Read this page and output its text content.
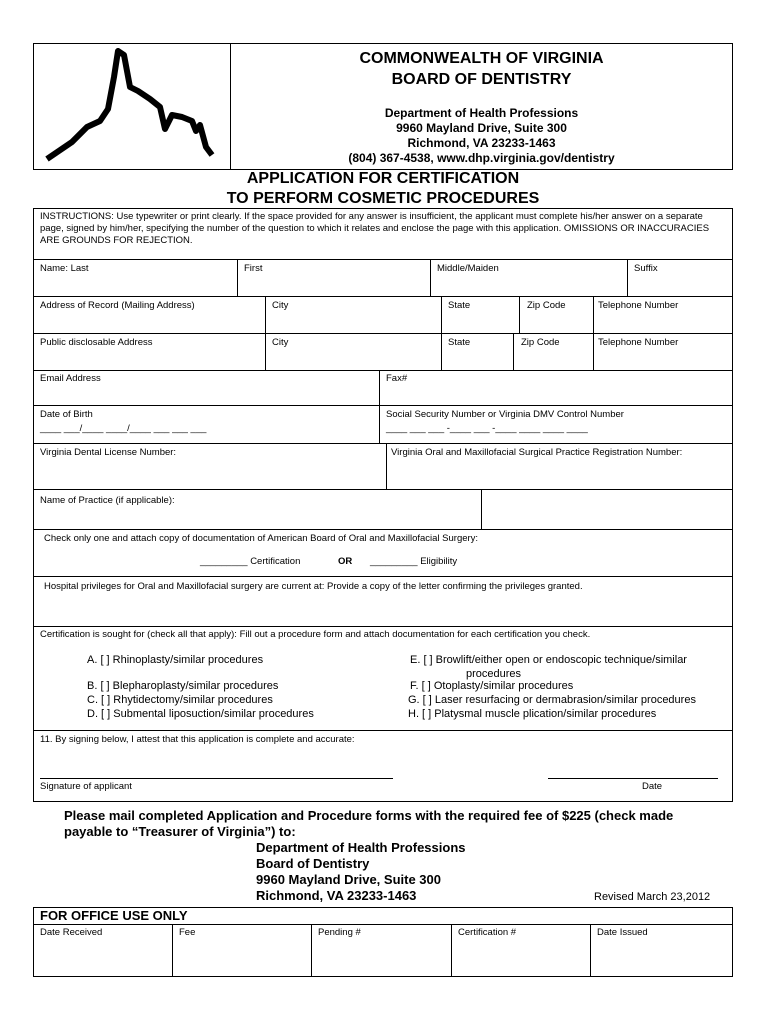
COMMONWEALTH OF VIRGINIA
BOARD OF DENTISTRY
Department of Health Professions
9960 Mayland Drive, Suite 300
Richmond, VA 23233-1463
(804) 367-4538, www.dhp.virginia.gov/dentistry
APPLICATION FOR CERTIFICATION
TO PERFORM COSMETIC PROCEDURES
INSTRUCTIONS: Use typewriter or print clearly. If the space provided for any answer is insufficient, the applicant must complete his/her answer on a separate page, signed by him/her, specifying the number of the question to which it relates and enclose the page with this application. OMISSIONS OR INACCURACIES ARE GROUNDS FOR REJECTION.
Name: Last	First	Middle/Maiden	Suffix
Address of Record (Mailing Address)	City	State	Zip Code	Telephone Number
Public disclosable Address	City	State	Zip Code	Telephone Number
Email Address	Fax#
Date of Birth
____ ___/____ ____/____ ___ ___ ___
Social Security Number or Virginia DMV Control Number
____ ___ ___ -____ ___ -____ ____ ____ ____
Virginia Dental License Number:	Virginia Oral and Maxillofacial Surgical Practice Registration Number:
Name of Practice (if applicable):
Check only one and attach copy of documentation of American Board of Oral and Maxillofacial Surgery:
_________ Certification	OR _________ Eligibility
Hospital privileges for Oral and Maxillofacial surgery are current at: Provide a copy of the letter confirming the privileges granted.
Certification is sought for (check all that apply): Fill out a procedure form and attach documentation for each certification you check.
A. [ ] Rhinoplasty/similar procedures
B. [ ] Blepharoplasty/similar procedures
C. [ ] Rhytidectomy/similar procedures
D. [ ] Submental liposuction/similar procedures
E. [ ] Browlift/either open or endoscopic technique/similar
procedures
F. [ ] Otoplasty/similar procedures
G. [ ] Laser resurfacing or dermabrasion/similar procedures
H. [ ] Platysmal muscle plication/similar procedures
11. By signing below, I attest that this application is complete and accurate:
Signature of applicant	Date
Please mail completed Application and Procedure forms with the required fee of $225 (check made
payable to “Treasurer of Virginia”) to:
Department of Health Professions
Board of Dentistry
9960 Mayland Drive, Suite 300
Richmond, VA 23233-1463	Revised March 23,2012
FOR OFFICE USE ONLY
Date Received	Fee	Pending #	Certification #	Date Issued
